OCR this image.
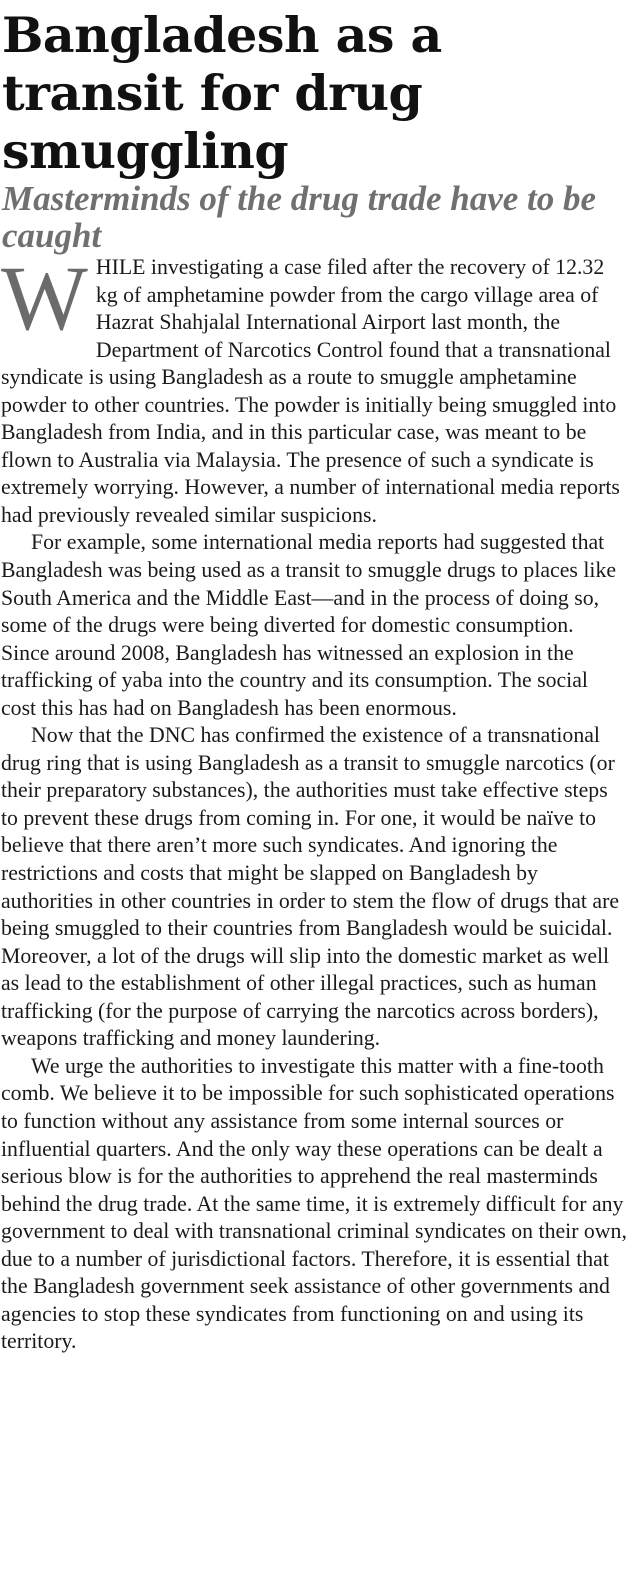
Bangladesh as a transit for drug smuggling
Masterminds of the drug trade have to be caught

WHILE investigating a case filed after the recovery of 12.32 kg of amphetamine powder from the cargo village area of Hazrat Shahjalal International Airport last month, the Department of Narcotics Control found that a transnational syndicate is using Bangladesh as a route to smuggle amphetamine powder to other countries. The powder is initially being smuggled into Bangladesh from India, and in this particular case, was meant to be flown to Australia via Malaysia. The presence of such a syndicate is extremely worrying. However, a number of international media reports had previously revealed similar suspicions.

For example, some international media reports had suggested that Bangladesh was being used as a transit to smuggle drugs to places like South America and the Middle East—and in the process of doing so, some of the drugs were being diverted for domestic consumption. Since around 2008, Bangladesh has witnessed an explosion in the trafficking of yaba into the country and its consumption. The social cost this has had on Bangladesh has been enormous.

Now that the DNC has confirmed the existence of a transnational drug ring that is using Bangladesh as a transit to smuggle narcotics (or their preparatory substances), the authorities must take effective steps to prevent these drugs from coming in. For one, it would be naïve to believe that there aren’t more such syndicates. And ignoring the restrictions and costs that might be slapped on Bangladesh by authorities in other countries in order to stem the flow of drugs that are being smuggled to their countries from Bangladesh would be suicidal. Moreover, a lot of the drugs will slip into the domestic market as well as lead to the establishment of other illegal practices, such as human trafficking (for the purpose of carrying the narcotics across borders), weapons trafficking and money laundering.

We urge the authorities to investigate this matter with a fine-tooth comb. We believe it to be impossible for such sophisticated operations to function without any assistance from some internal sources or influential quarters. And the only way these operations can be dealt a serious blow is for the authorities to apprehend the real masterminds behind the drug trade. At the same time, it is extremely difficult for any government to deal with transnational criminal syndicates on their own, due to a number of jurisdictional factors. Therefore, it is essential that the Bangladesh government seek assistance of other governments and agencies to stop these syndicates from functioning on and using its territory.
